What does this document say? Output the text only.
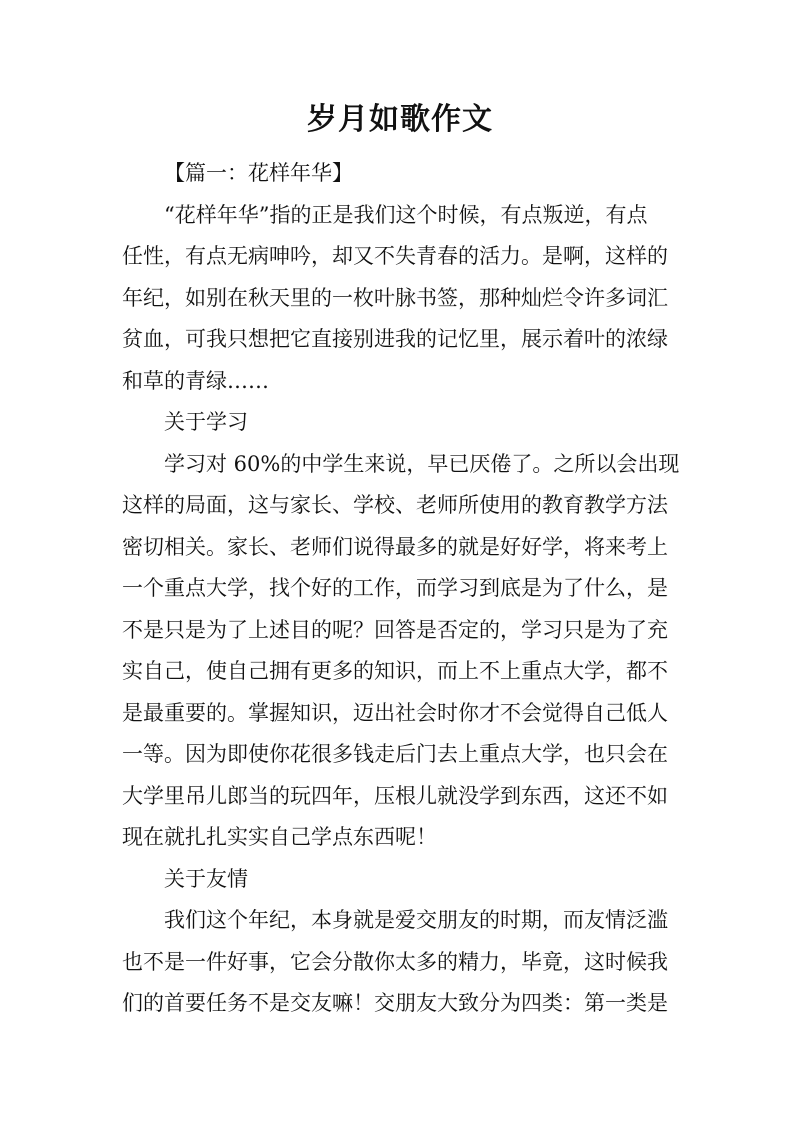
岁月如歌作文
【篇一：花样年华】
“花样年华”指的正是我们这个时候，有点叛逆，有点
任性，有点无病呻吟，却又不失青春的活力。是啊，这样的
年纪，如别在秋天里的一枚叶脉书签，那种灿烂令许多词汇
贫血，可我只想把它直接别进我的记忆里，展示着叶的浓绿
和草的青绿……
关于学习
学习对 60%的中学生来说，早已厌倦了。之所以会出现
这样的局面，这与家长、学校、老师所使用的教育教学方法
密切相关。家长、老师们说得最多的就是好好学，将来考上
一个重点大学，找个好的工作，而学习到底是为了什么，是
不是只是为了上述目的呢？回答是否定的，学习只是为了充
实自己，使自己拥有更多的知识，而上不上重点大学，都不
是最重要的。掌握知识，迈出社会时你才不会觉得自己低人
一等。因为即使你花很多钱走后门去上重点大学，也只会在
大学里吊儿郎当的玩四年，压根儿就没学到东西，这还不如
现在就扎扎实实自己学点东西呢！
关于友情
我们这个年纪，本身就是爱交朋友的时期，而友情泛滥
也不是一件好事，它会分散你太多的精力，毕竟，这时候我
们的首要任务不是交友嘛！交朋友大致分为四类：第一类是
